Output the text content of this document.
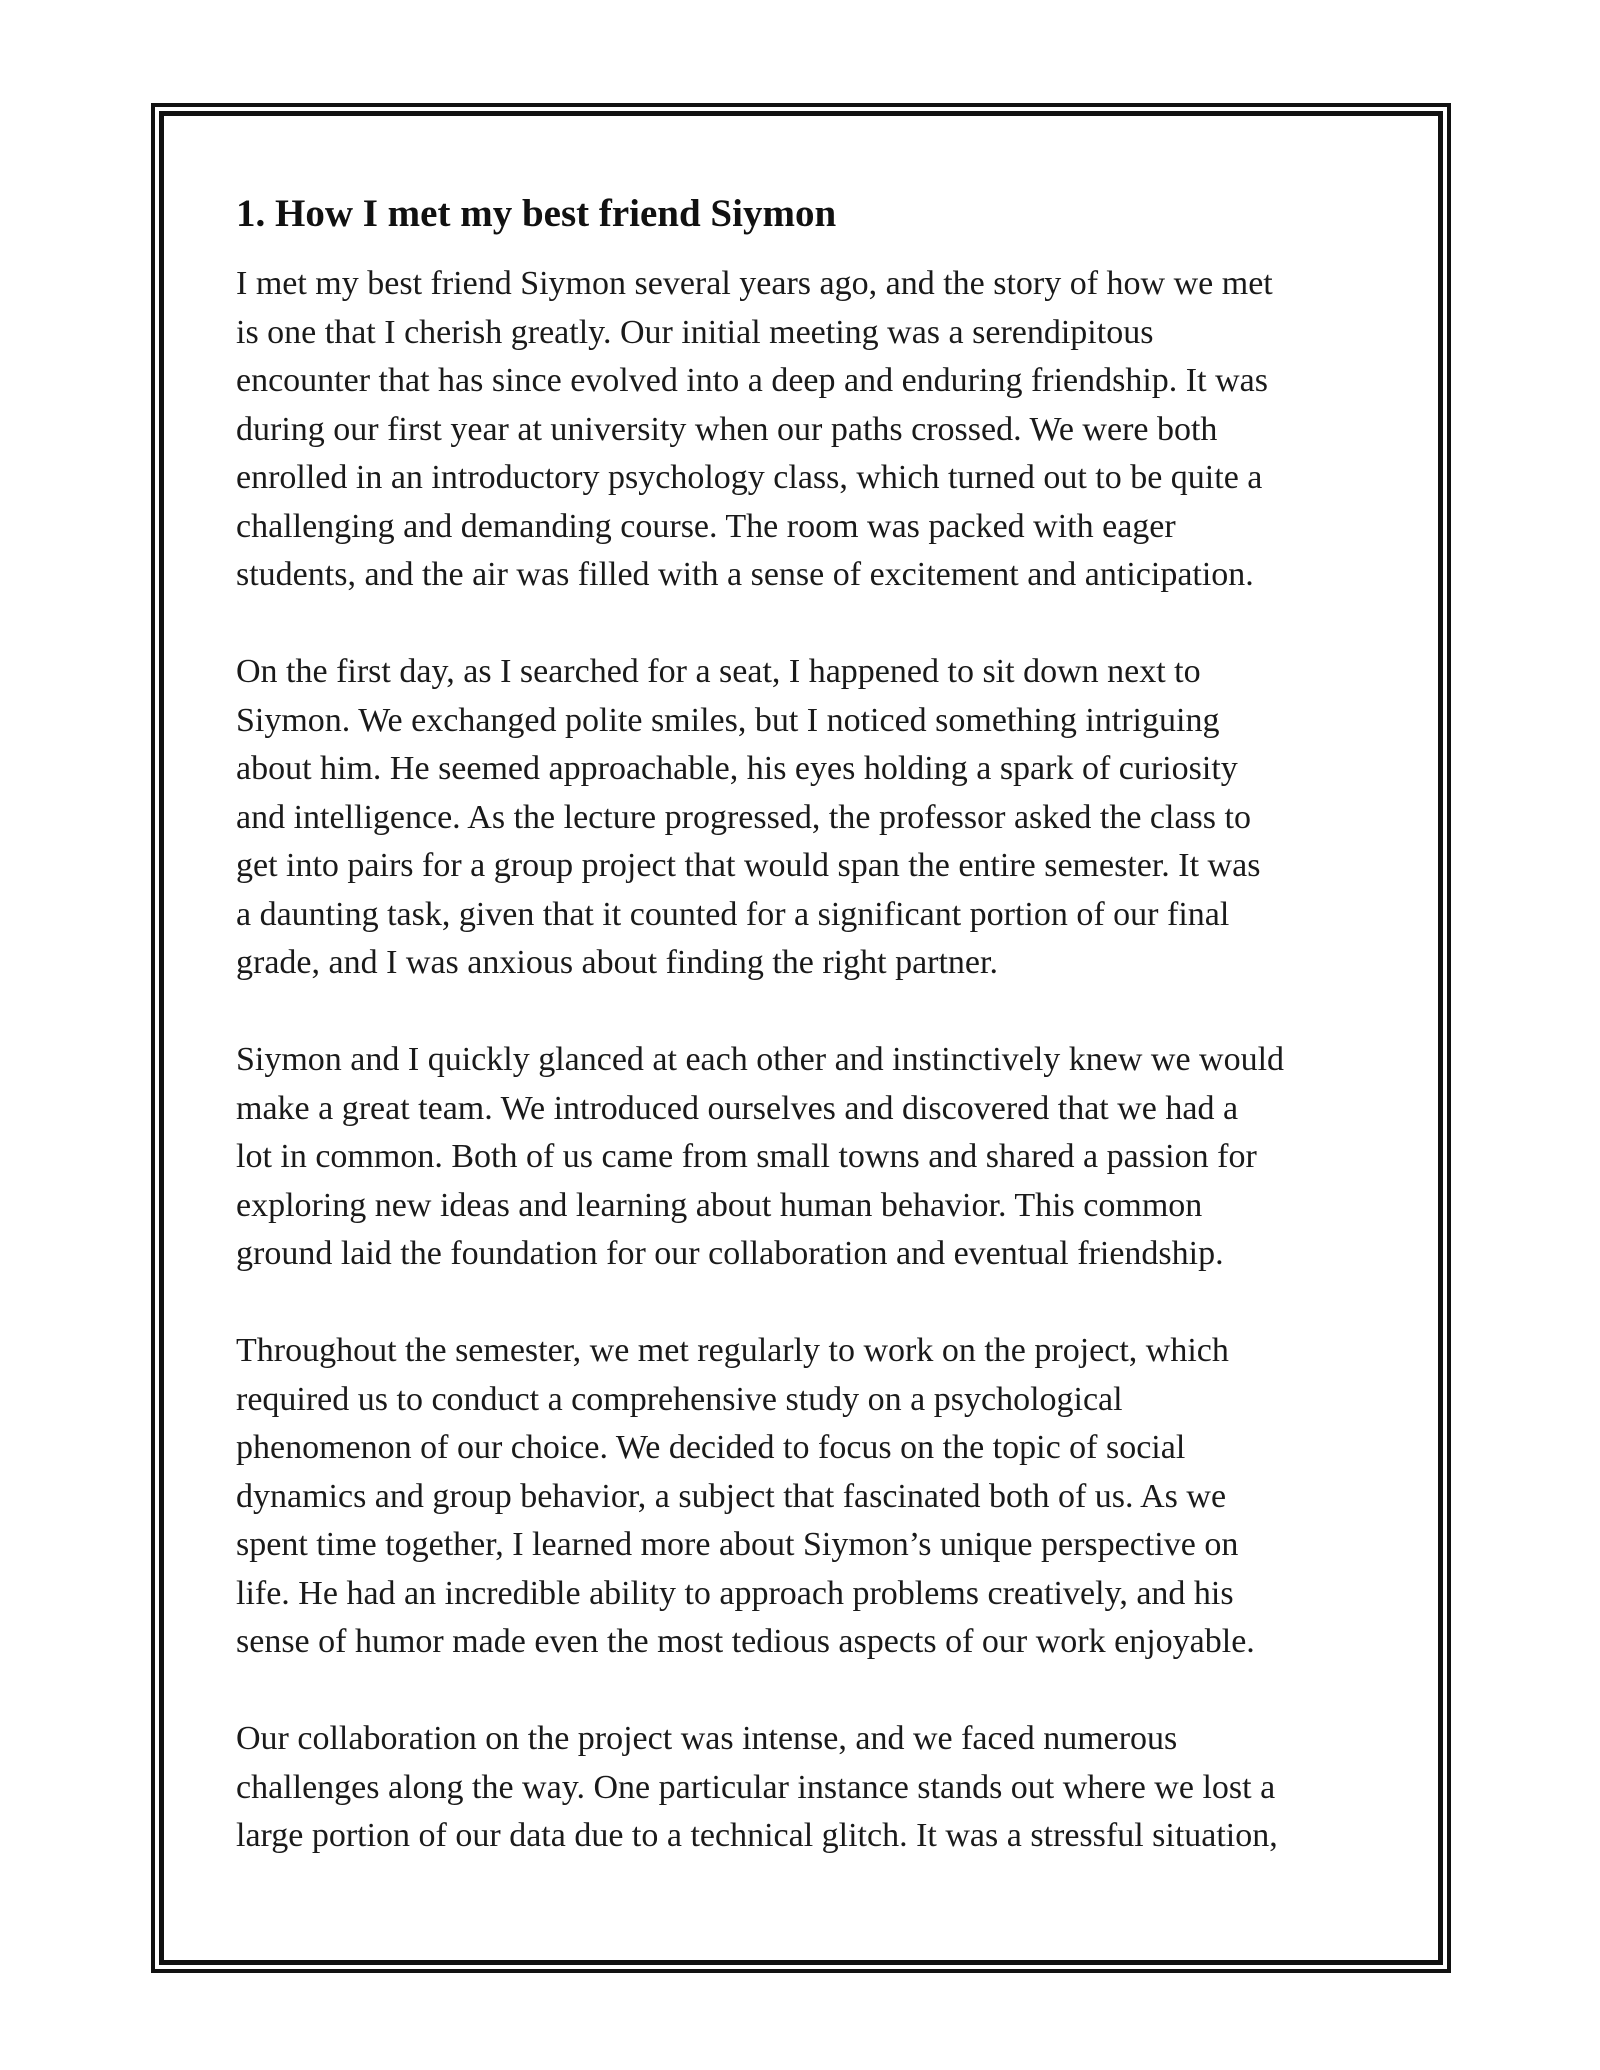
1. How I met my best friend Siymon
I met my best friend Siymon several years ago, and the story of how we met
is one that I cherish greatly. Our initial meeting was a serendipitous
encounter that has since evolved into a deep and enduring friendship. It was
during our first year at university when our paths crossed. We were both
enrolled in an introductory psychology class, which turned out to be quite a
challenging and demanding course. The room was packed with eager
students, and the air was filled with a sense of excitement and anticipation.
On the first day, as I searched for a seat, I happened to sit down next to
Siymon. We exchanged polite smiles, but I noticed something intriguing
about him. He seemed approachable, his eyes holding a spark of curiosity
and intelligence. As the lecture progressed, the professor asked the class to
get into pairs for a group project that would span the entire semester. It was
a daunting task, given that it counted for a significant portion of our final
grade, and I was anxious about finding the right partner.
Siymon and I quickly glanced at each other and instinctively knew we would
make a great team. We introduced ourselves and discovered that we had a
lot in common. Both of us came from small towns and shared a passion for
exploring new ideas and learning about human behavior. This common
ground laid the foundation for our collaboration and eventual friendship.
Throughout the semester, we met regularly to work on the project, which
required us to conduct a comprehensive study on a psychological
phenomenon of our choice. We decided to focus on the topic of social
dynamics and group behavior, a subject that fascinated both of us. As we
spent time together, I learned more about Siymon’s unique perspective on
life. He had an incredible ability to approach problems creatively, and his
sense of humor made even the most tedious aspects of our work enjoyable.
Our collaboration on the project was intense, and we faced numerous
challenges along the way. One particular instance stands out where we lost a
large portion of our data due to a technical glitch. It was a stressful situation,
